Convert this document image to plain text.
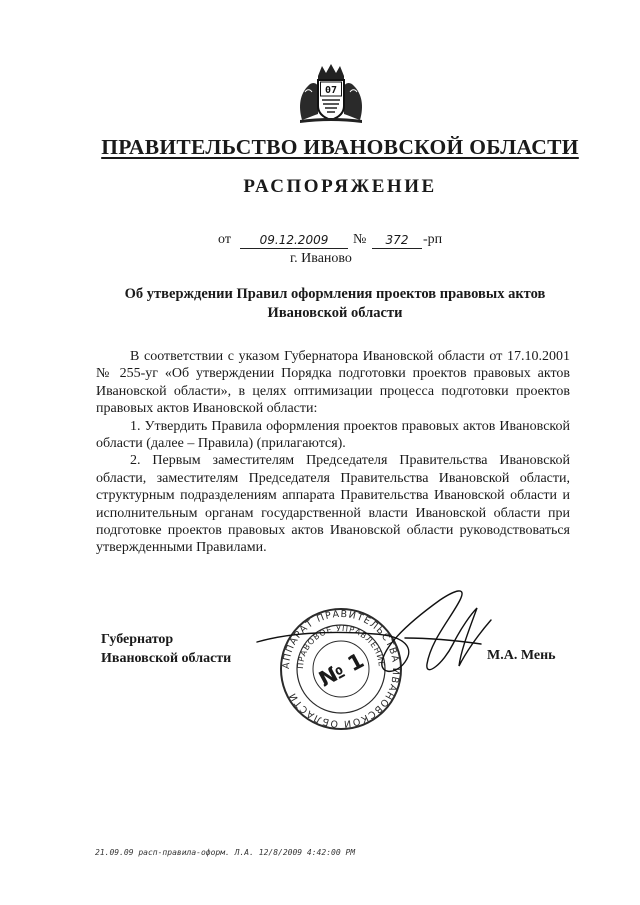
07
ПРАВИТЕЛЬСТВО ИВАНОВСКОЙ ОБЛАСТИ
РАСПОРЯЖЕНИЕ
от	09.12.2009	№	372	-рп
г. Иваново
Об утверждении Правил оформления проектов правовых актов
Ивановской области

В соответствии с указом Губернатора Ивановской области от 17.10.2001 № 255-уг «Об утверждении Порядка подготовки проектов правовых актов Ивановской области», в целях оптимизации процесса подготовки проектов правовых актов Ивановской области:

1. Утвердить Правила оформления проектов правовых актов Ивановской области (далее – Правила) (прилагаются).

2. Первым заместителям Председателя Правительства Ивановской области, заместителям Председателя Правительства Ивановской области, структурным подразделениям аппарата Правительства Ивановской области и исполнительным органам государственной власти Ивановской области при подготовке проектов правовых актов Ивановской области руководствоваться утвержденными Правилами.

Губернатор
Ивановской области	М.А. Мень
АППАРАТ ПРАВИТЕЛЬСТВА ИВАНОВСКОЙ ОБЛАСТИ
ПРАВОВОЕ УПРАВЛЕНИЕ
№ 1
21.09.09 расп-правила-оформ. Л.А. 12/8/2009 4:42:00 PM
